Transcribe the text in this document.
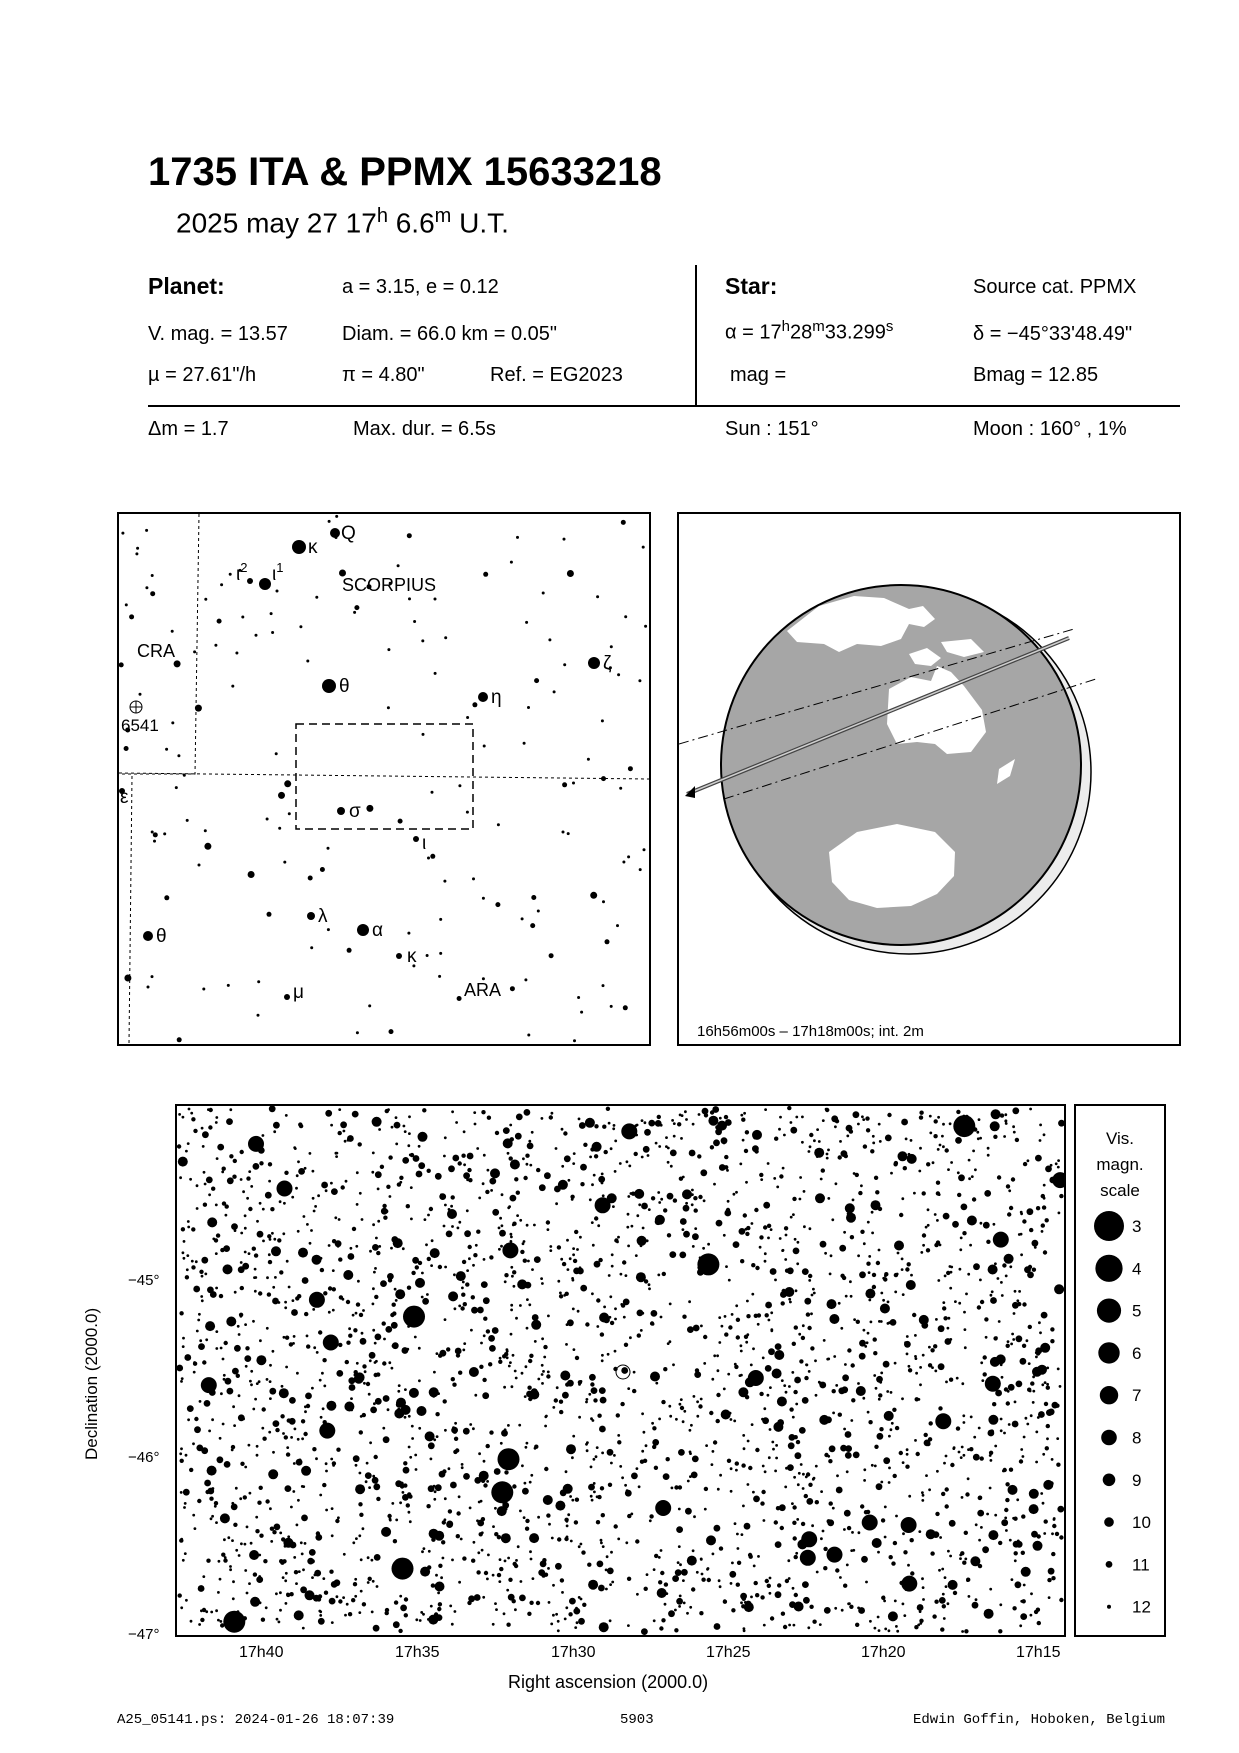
1735 ITA & PPMX 15633218
2025 may 27 17$^h$ 6.6$^m$ U.T.
Planet:	a = 3.15, e = 0.12
V. mag. = 13.57	Diam. = 66.0 km = 0.05"
µ = 27.61"/h	π = 4.80"	Ref. = EG2023
Star:	Source cat. PPMX
$\alpha = 17^h28^m33.299^s$	δ = −45°33'48.49"
mag =	Bmag = 12.85
Δm = 1.7	Max. dur. = 6.5s	Sun : 151°	Moon : 160° , 1%
κ
Q
$\iota^2$ $\iota^1$
SCORPIUS
CRA
ζ
θ
η
6541
ε
σ
ι
λ
α
κ
θ
μ	ARA
16h56m00s – 17h18m00s; int. 2m
Declination (2000.0)
−45°
−46°
−47°
17h40	17h35	17h30	17h25	17h20	17h15
Right ascension (2000.0)
Vis.
magn.
scale
3
4
5
6
7
8
9
10
11
12
A25_05141.ps: 2024-01-26 18:07:39	5903	Edwin Goffin, Hoboken, Belgium
